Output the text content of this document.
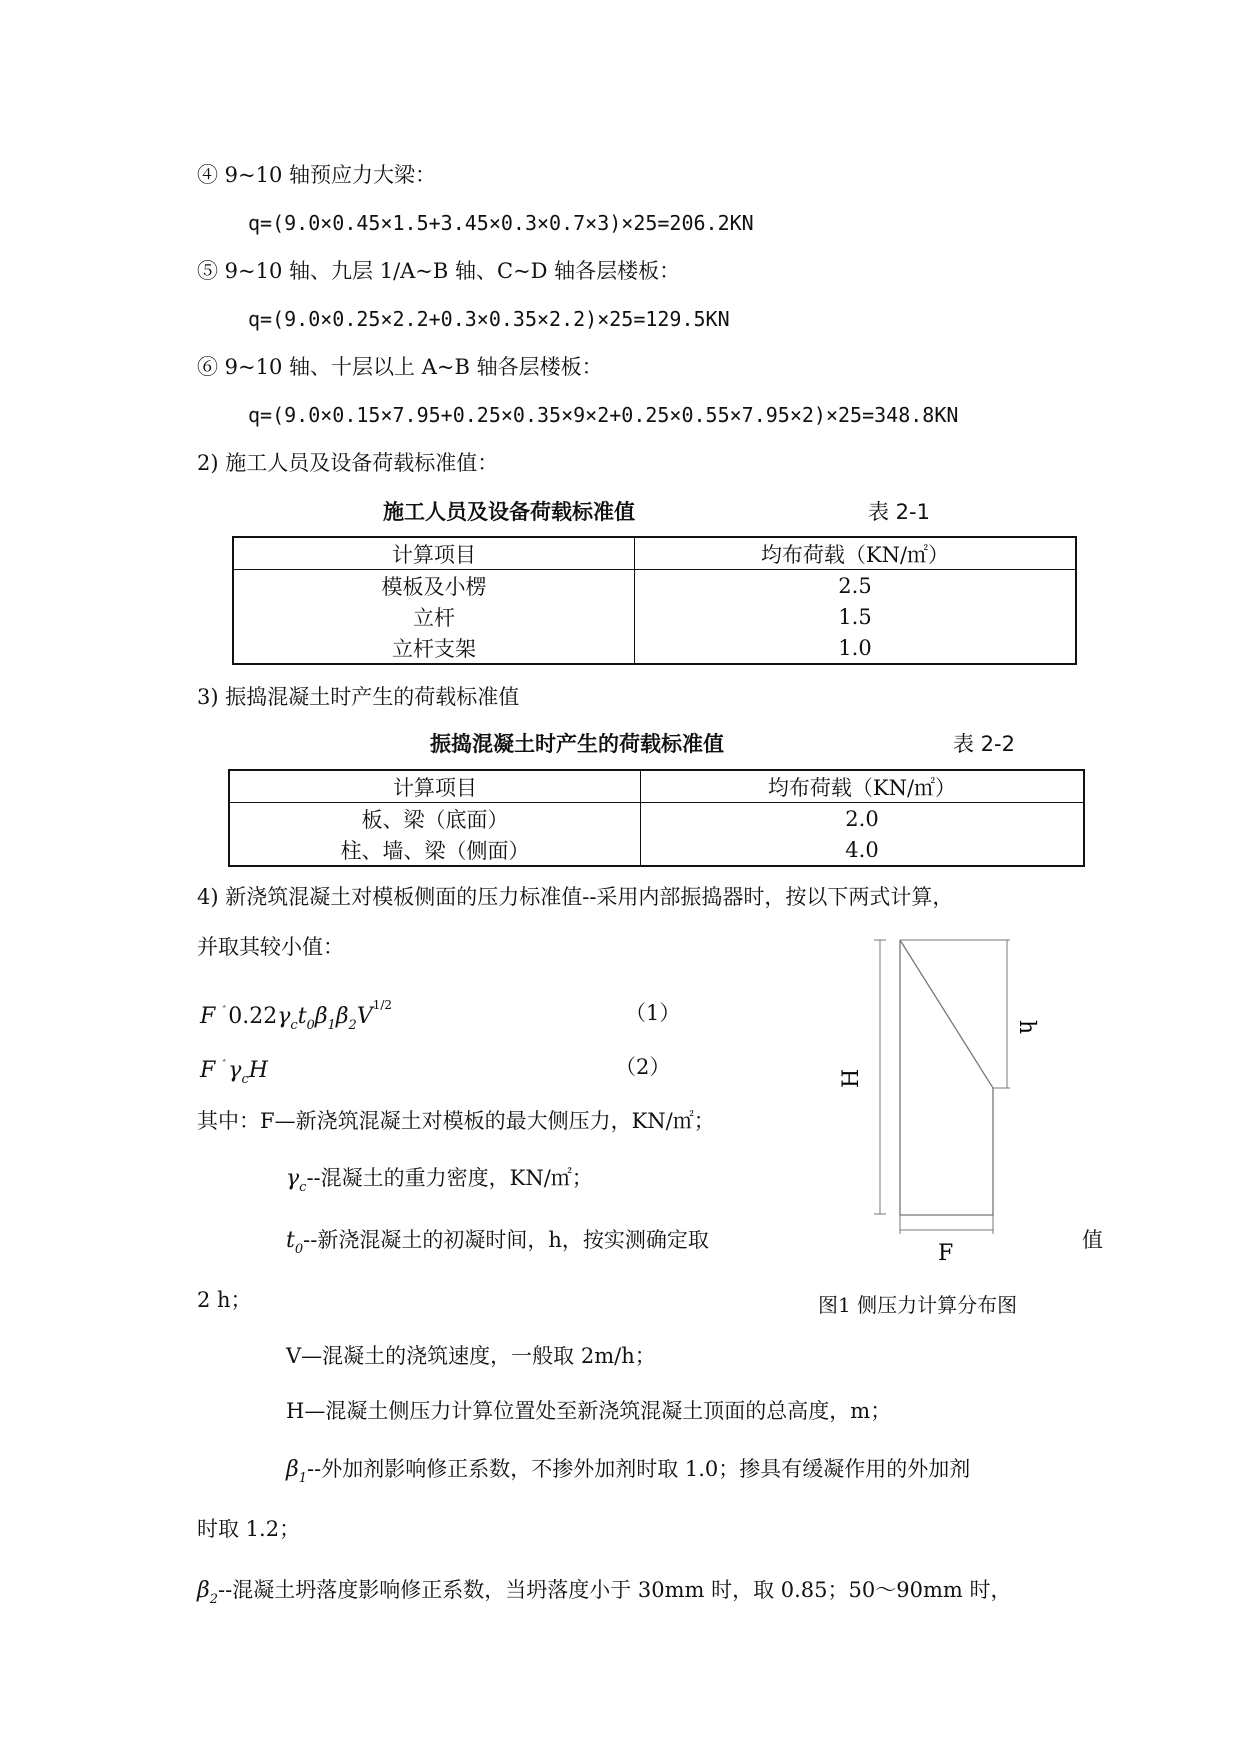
④ 9~10 轴预应力大梁：
q=(9.0×0.45×1.5+3.45×0.3×0.7×3)×25=206.2KN
⑤ 9~10 轴、九层 1/A~B 轴、C~D 轴各层楼板：
q=(9.0×0.25×2.2+0.3×0.35×2.2)×25=129.5KN
⑥ 9~10 轴、十层以上 A~B 轴各层楼板：
q=(9.0×0.15×7.95+0.25×0.35×9×2+0.25×0.55×7.95×2)×25=348.8KN
2) 施工人员及设备荷载标准值：
施工人员及设备荷载标准值	表 2-1
计算项目	均布荷载（KN/㎡）
模板及小楞	2.5
立杆	1.5
立杆支架	1.0
3) 振捣混凝土时产生的荷载标准值
振捣混凝土时产生的荷载标准值	表 2-2
计算项目	均布荷载（KN/㎡）
板、梁（底面）	2.0
柱、墙、梁（侧面）	4.0
4) 新浇筑混凝土对模板侧面的压力标准值--采用内部振捣器时，按以下两式计算，
并取其较小值：
F $^ﾞ0.22\gamma_ct_0\beta_1\beta_2V^{1/2}$	（1）
F $^ﾞ\gamma_cH$	（2）
其中：F—新浇筑混凝土对模板的最大侧压力，KN/㎡；
$\gamma_c--$混凝土的重力密度，KN/㎡；
$t_0--$新浇混凝土的初凝时间，h，按实测确定取	值
2 h；
V—混凝土的浇筑速度，一般取 2m/h；
H—混凝土侧压力计算位置处至新浇筑混凝土顶面的总高度，m；
$\beta_1--$外加剂影响修正系数，不掺外加剂时取 1.0；掺具有缓凝作用的外加剂
时取 1.2；
$\beta_2--$混凝土坍落度影响修正系数，当坍落度小于 30mm 时，取 0.85；50～90mm 时，
h
H
F
图1 侧压力计算分布图
